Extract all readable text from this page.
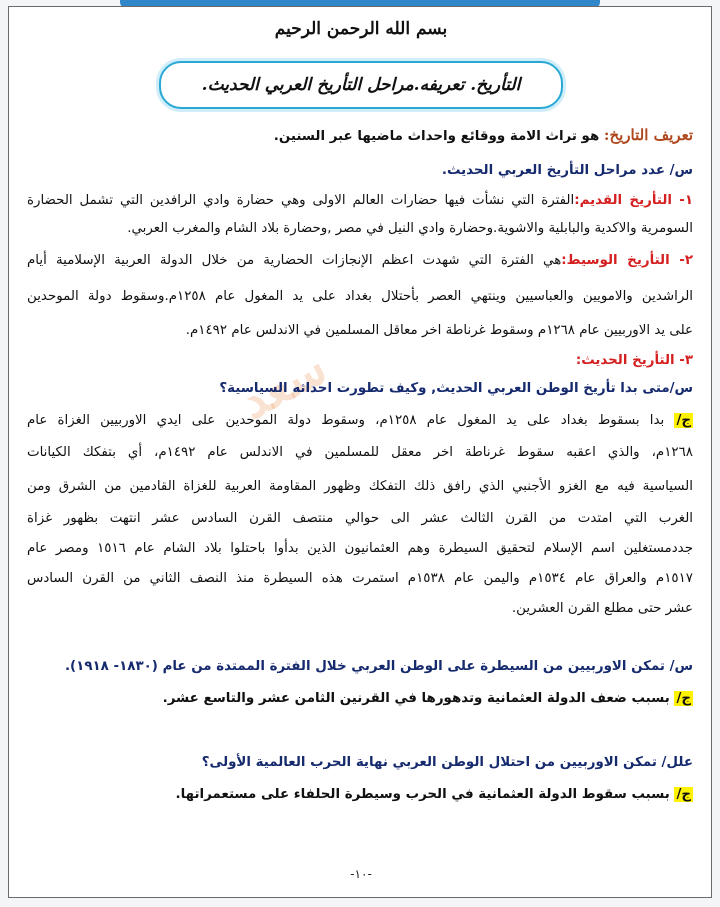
بسم الله الرحمن الرحيم
التأريخ. تعريفه.مراحل التأريخ العربي الحديث.
سعد
تعريف التاريخ: هو تراث الامة ووقائع واحداث ماضيها عبر السنين.
س/ عدد مراحل التأريخ العربي الحديث.
١- التأريخ القديم:الفترة التي نشأت فيها حضارات العالم الاولى وهي حضارة وادي الرافدين التي تشمل الحضارة
السومرية والاكدية والبابلية والاشوية.وحضارة وادي النيل في مصر ,وحضارة بلاد الشام والمغرب العربي.
٢- التأريخ الوسيط:هي الفترة التي شهدت اعظم الإنجازات الحضارية من خلال الدولة العربية الإسلامية أيام
الراشدين والامويين والعباسيين وينتهي العصر بأحتلال بغداد على يد المغول عام ١٢٥٨م.وسقوط دولة الموحدين
على يد الاوربيين عام ١٢٦٨م وسقوط غرناطة اخر معاقل المسلمين في الاندلس عام ١٤٩٢م.
٣- التأريخ الحديث:
س/متى بدا تأريخ الوطن العربي الحديث, وكيف تطورت احداثه السياسية؟
ج/ بدا بسقوط بغداد على يد المغول عام ١٢٥٨م، وسقوط دولة الموحدين على ايدي الاوربيين الغزاة عام
١٢٦٨م، والذي اعقبه سقوط غرناطة اخر معقل للمسلمين في الاندلس عام ١٤٩٢م، أي بتفكك الكيانات
السياسية فيه مع الغزو الأجنبي الذي رافق ذلك التفكك وظهور المقاومة العربية للغزاة القادمين من الشرق ومن
الغرب التي امتدت من القرن الثالث عشر الى حوالي منتصف القرن السادس عشر انتهت بظهور غزاة
جددمستغلين اسم الإسلام لتحقيق السيطرة وهم العثمانيون الذين بدأوا باحتلوا بلاد الشام عام ١٥١٦ ومصر عام
١٥١٧م والعراق عام ١٥٣٤م واليمن عام ١٥٣٨م استمرت هذه السيطرة منذ النصف الثاني من القرن السادس
عشر حتى مطلع القرن العشرين.
س/ تمكن الاوربيين من السيطرة على الوطن العربي خلال الفترة الممتدة من عام (١٨٣٠- ١٩١٨).
ج/ بسبب ضعف الدولة العثمانية وتدهورها في القرنين الثامن عشر والتاسع عشر.
علل/ تمكن الاوربيين من احتلال الوطن العربي نهاية الحرب العالمية الأولى؟
ج/ بسبب سقوط الدولة العثمانية في الحرب وسيطرة الحلفاء على مستعمراتها.
-١٠-
